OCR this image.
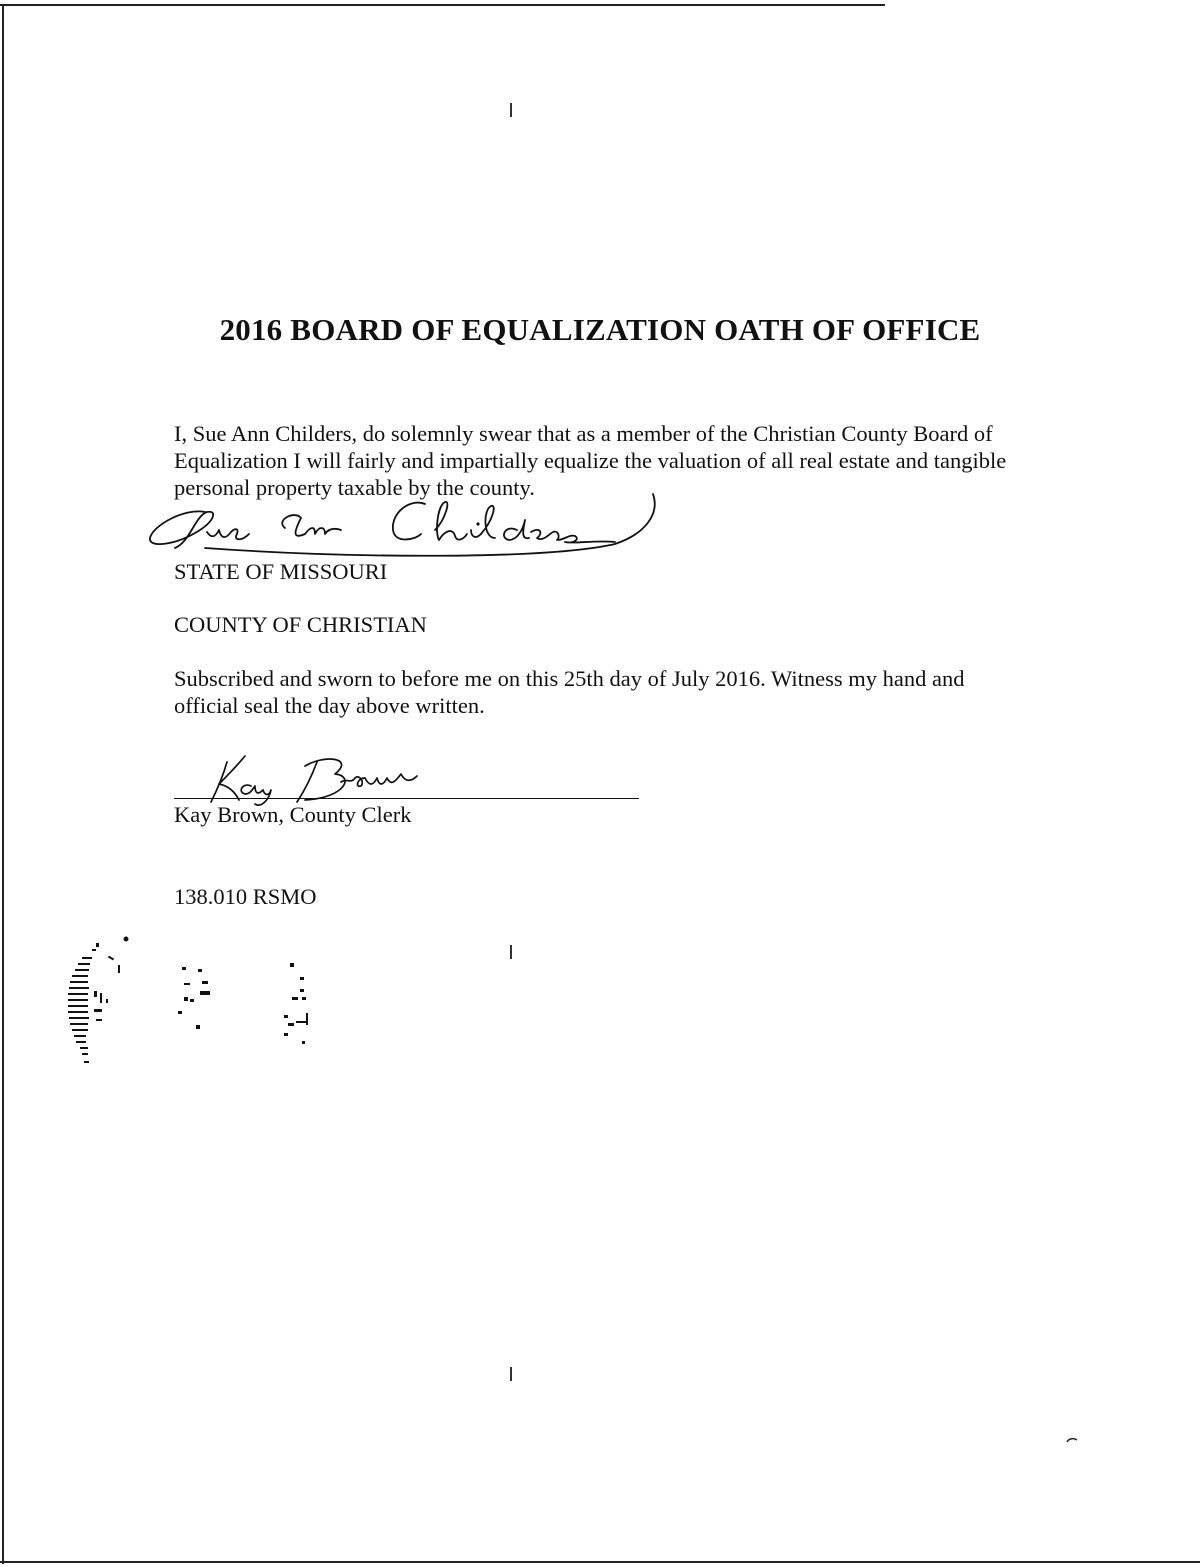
2016 BOARD OF EQUALIZATION OATH OF OFFICE
I, Sue Ann Childers, do solemnly swear that as a member of the Christian County Board of Equalization I will fairly and impartially equalize the valuation of all real estate and tangible personal property taxable by the county.
STATE OF MISSOURI
COUNTY OF CHRISTIAN
Subscribed and sworn to before me on this 25th day of July 2016. Witness my hand and official seal the day above written.
Kay Brown, County Clerk
138.010 RSMO
